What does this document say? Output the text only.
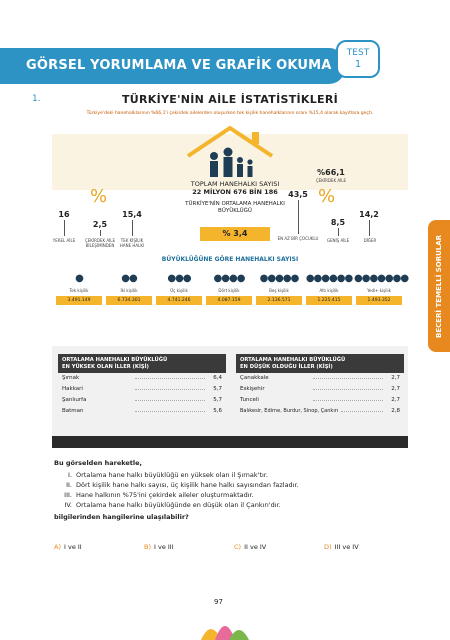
GÖRSEL YORUMLAMA VE GRAFİK OKUMA
TEST
1
BECERİ TEMELLİ SORULAR
1.	TÜRKİYE'NİN AİLE İSTATİSTİKLERİ
Türkiye'deki hanehalklarının %66,1'i çekirdek ailelerden oluşurken tek kişilik hanehalklarının oranı %15,4 olarak kayıtlara geçtı.
16
YEREL AİLE
%
2,5
ÇEKİRDEK AİLE BİLEŞİMİNDEN
15,4
TEK KİŞİLİK HANE HALKI
TOPLAM HANEHALKI SAYISI
22 MİLYON 676 BİN 186
TÜRKİYE'NİN ORTALAMA HANEHALKI BÜYÜKLÜĞÜ
% 3,4
43,5
EN AZ BİR ÇOCUKLU
%66,1
ÇEKİRDEK AİLE
%
8,5
GENİŞ AİLE
14,2
DİĞER
BÜYÜKLÜĞÜNE GÖRE HANEHALKI SAYISI
●
Tek kişilik
3.491.149
●●
İki kişilik
6.734.301
●●●
Üç kişilik
4.741.246
●●●●
Dört kişilik
4.087.159
●●●●●
Beş kişilik
2.136.571
●●●●●●
Altı kişilik
1.225.415
●●●●●●●
Yedi+ kişilik
1.493.352
ORTALAMA HANEHALKI BÜYÜKLÜĞÜ
EN YÜKSEK OLAN İLLER (KİŞİ)
Şırnak	6,4
Hakkari	5,7
Şanlıurfa	5,7
Batman	5,6
ORTALAMA HANEHALKI BÜYÜKLÜĞÜ
EN DÜŞÜK OLDUĞU İLLER (KİŞİ)
Çanakkale	2,7
Eskişehir	2,7
Tunceli	2,7
Balıkesir, Edirne, Burdur, Sinop, Çankırı	2,8
Bu görselden hareketle,
I. Ortalama hane halkı büyüklüğü en yüksek olan il Şırnak'tır.
II. Dört kişilik hane halkı sayısı, üç kişilik hane halkı sayısından fazladır.
III. Hane halkının %75'ini çekirdek aileler oluşturmaktadır.
IV. Ortalama hane halkı büyüklüğünde en düşük olan il Çankırı'dır.
bilgilerinden hangilerine ulaşılabilir?
A) I ve II	B) I ve III	C) II ve IV	D) III ve IV
97
